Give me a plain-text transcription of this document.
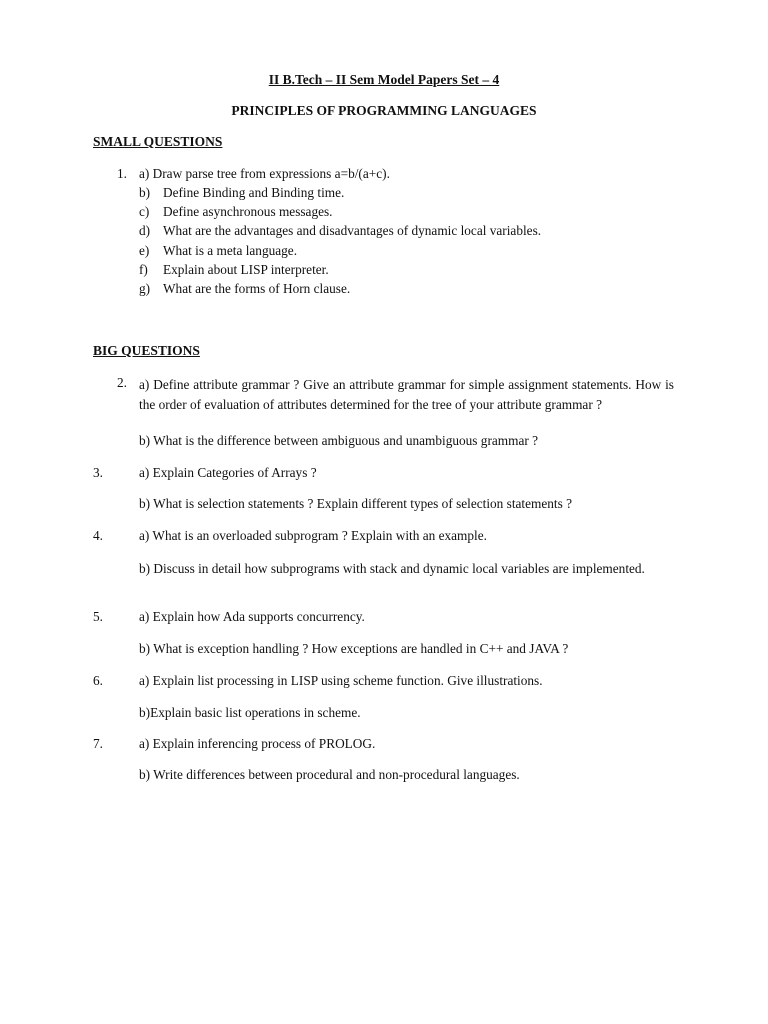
II B.Tech – II Sem Model Papers Set – 4
PRINCIPLES OF PROGRAMMING LANGUAGES
SMALL QUESTIONS
1. a) Draw parse tree from expressions a=b/(a+c).
b) Define Binding and Binding time.
c) Define asynchronous messages.
d) What are the advantages and disadvantages of dynamic local variables.
e) What is a meta language.
f) Explain about LISP interpreter.
g) What are the forms of Horn clause.
BIG QUESTIONS
2. a) Define attribute grammar ? Give an attribute grammar for simple assignment statements. How is the order of evaluation of attributes determined for the tree of your attribute grammar ?
b) What is the difference between ambiguous and unambiguous grammar ?
3.	a) Explain Categories of Arrays ?
b) What is selection statements ? Explain different types of selection statements ?
4.	a) What is an overloaded subprogram ? Explain with an example.
b) Discuss in detail how subprograms with stack and dynamic local variables are implemented.
5.	a) Explain how Ada supports concurrency.
b) What is exception handling ? How exceptions are handled in C++ and JAVA ?
6.	a) Explain list processing in LISP using scheme function. Give illustrations.
b)Explain basic list operations in scheme.
7.	a) Explain inferencing process of PROLOG.
b) Write differences between procedural and non-procedural languages.
